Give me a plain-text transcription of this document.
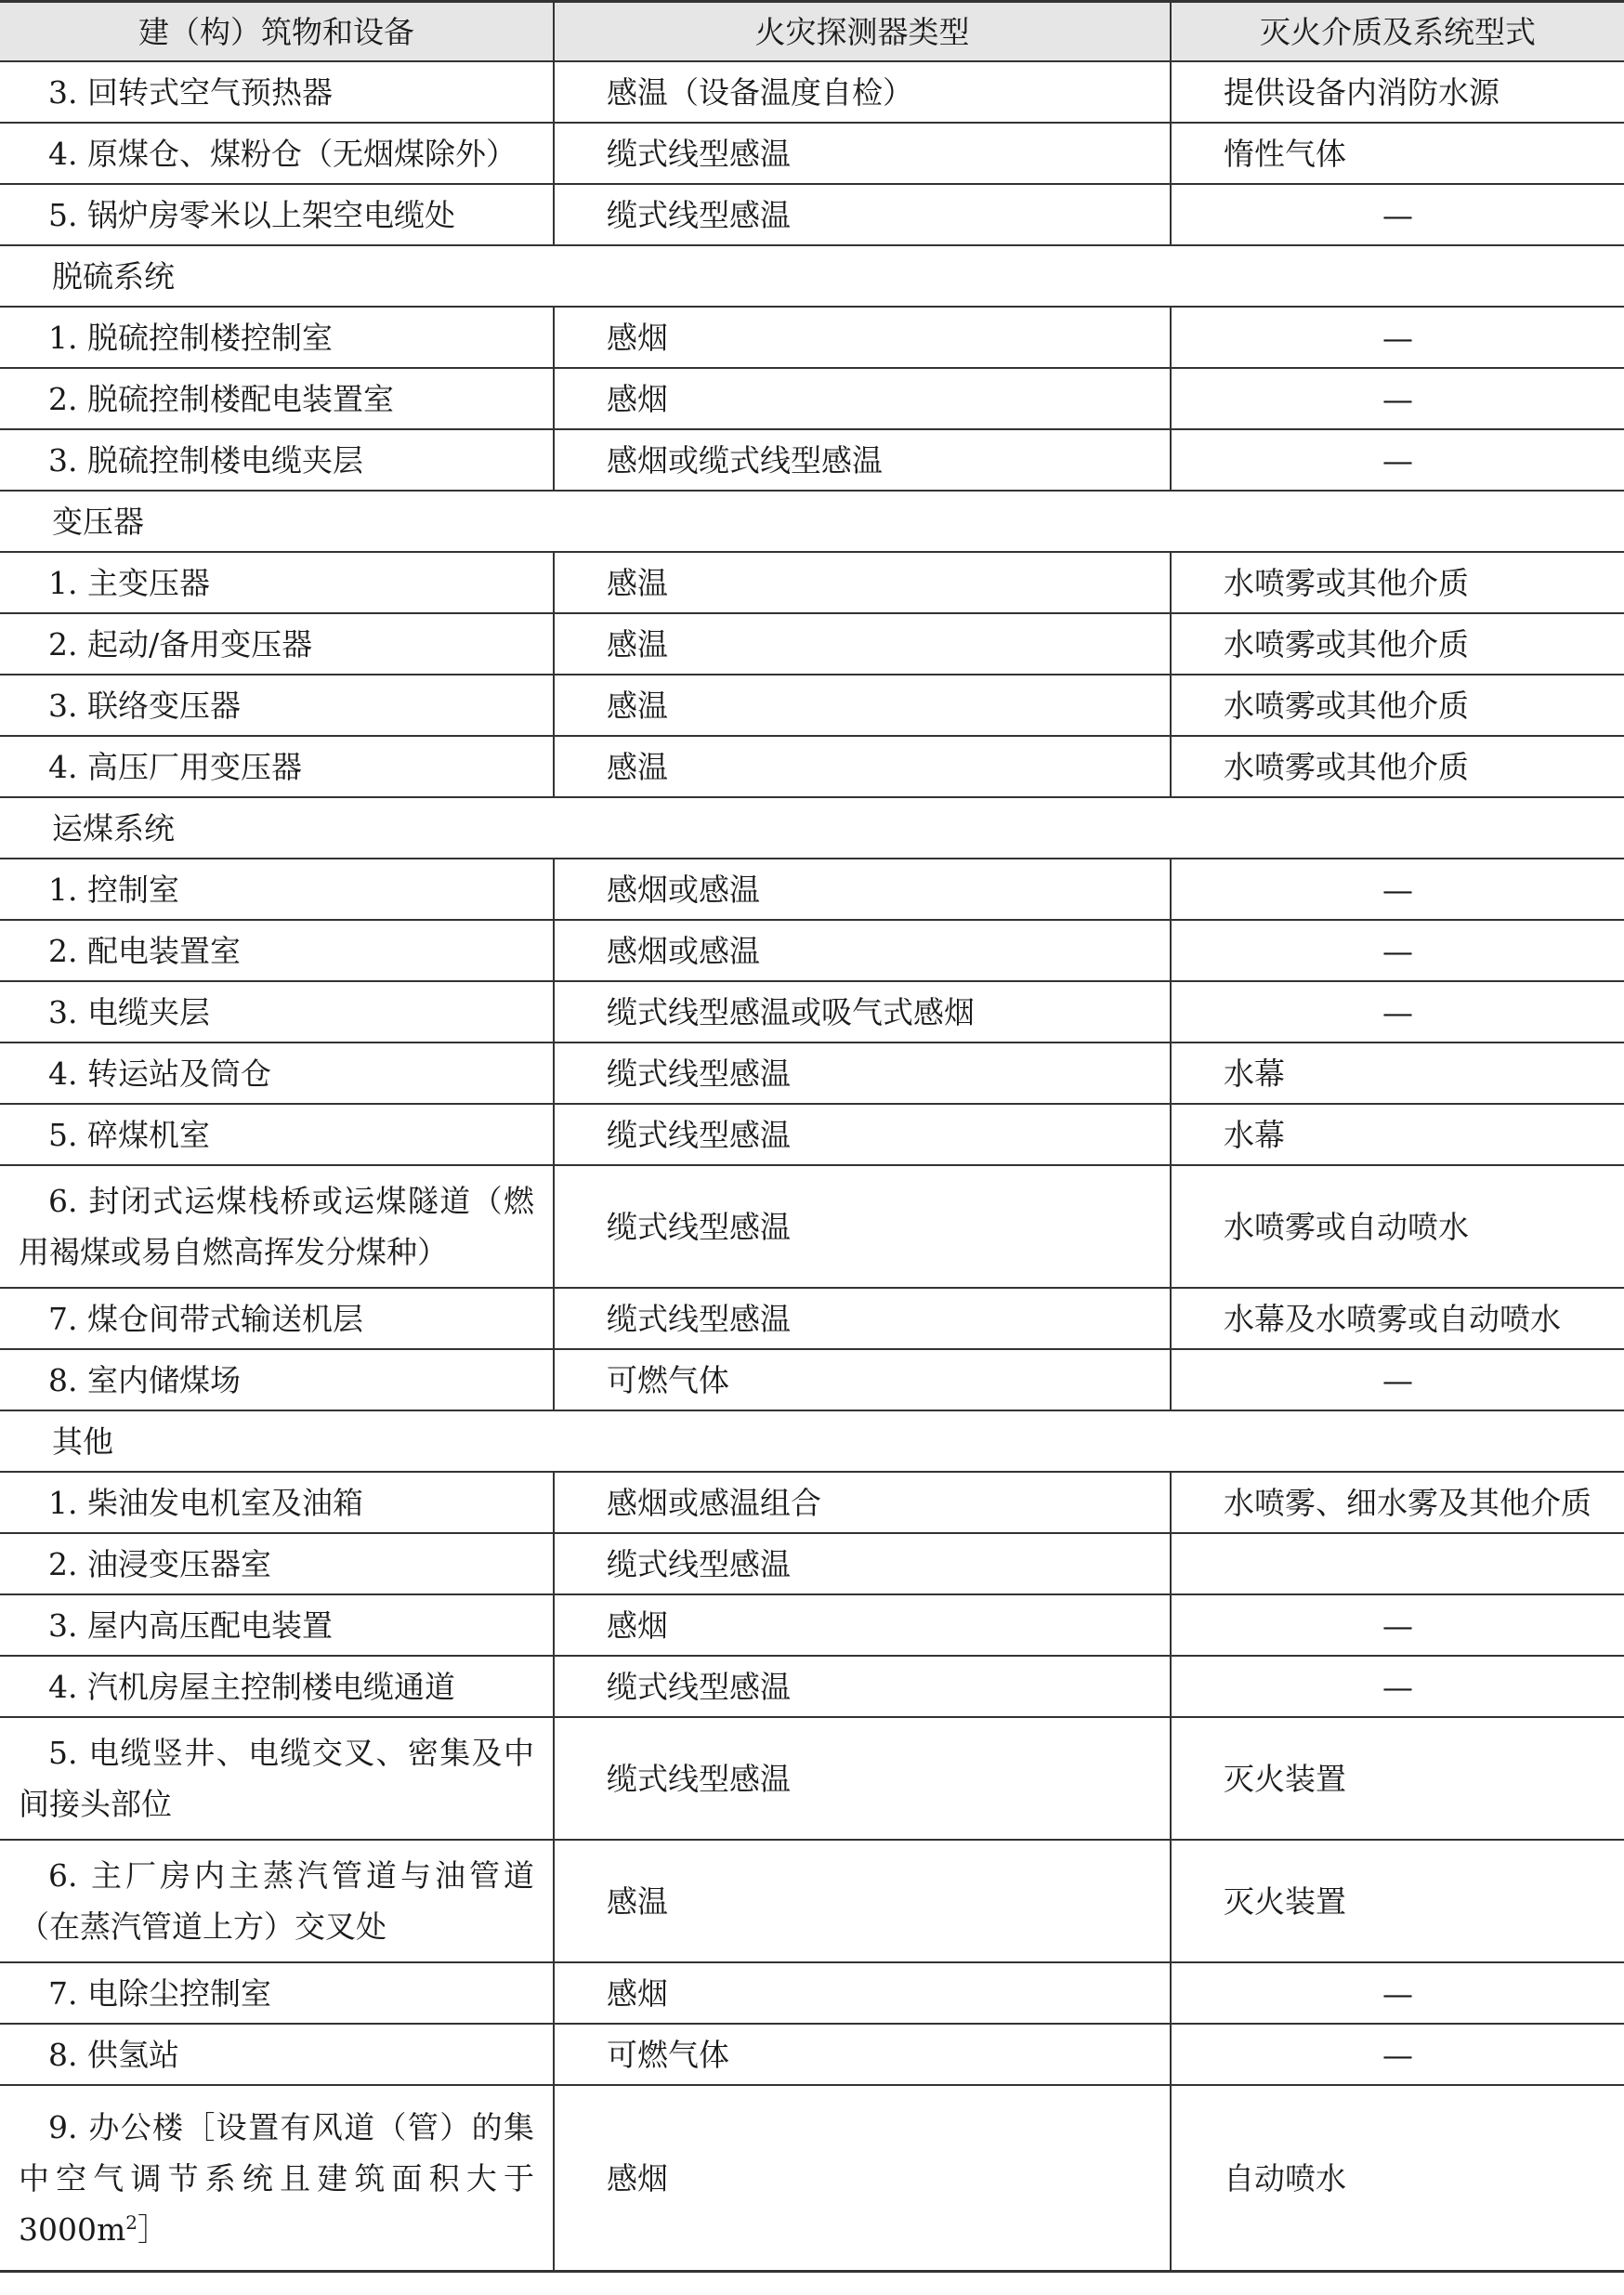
建（构）筑物和设备	火灾探测器类型	灭火介质及系统型式
3. 回转式空气预热器	感温（设备温度自检）	提供设备内消防水源
4. 原煤仓、煤粉仓（无烟煤除外）	缆式线型感温	惰性气体
5. 锅炉房零米以上架空电缆处	缆式线型感温	—
脱硫系统		
1. 脱硫控制楼控制室	感烟	—
2. 脱硫控制楼配电装置室	感烟	—
3. 脱硫控制楼电缆夹层	感烟或缆式线型感温	—
变压器		
1. 主变压器	感温	水喷雾或其他介质
2. 起动/备用变压器	感温	水喷雾或其他介质
3. 联络变压器	感温	水喷雾或其他介质
4. 高压厂用变压器	感温	水喷雾或其他介质
运煤系统		
1. 控制室	感烟或感温	—
2. 配电装置室	感烟或感温	—
3. 电缆夹层	缆式线型感温或吸气式感烟	—
4. 转运站及筒仓	缆式线型感温	水幕
5. 碎煤机室	缆式线型感温	水幕
6. 封闭式运煤栈桥或运煤隧道（燃用褐煤或易自燃高挥发分煤种）	缆式线型感温	水喷雾或自动喷水
7. 煤仓间带式输送机层	缆式线型感温	水幕及水喷雾或自动喷水
8. 室内储煤场	可燃气体	—
其他		
1. 柴油发电机室及油箱	感烟或感温组合	水喷雾、细水雾及其他介质
2. 油浸变压器室	缆式线型感温	
3. 屋内高压配电装置	感烟	—
4. 汽机房屋主控制楼电缆通道	缆式线型感温	—
5. 电缆竖井、电缆交叉、密集及中间接头部位	缆式线型感温	灭火装置
6. 主厂房内主蒸汽管道与油管道（在蒸汽管道上方）交叉处	感温	灭火装置
7. 电除尘控制室	感烟	—
8. 供氢站	可燃气体	—
9. 办公楼［设置有风道（管）的集中空气调节系统且建筑面积大于$3000m^2]$	感烟	自动喷水
